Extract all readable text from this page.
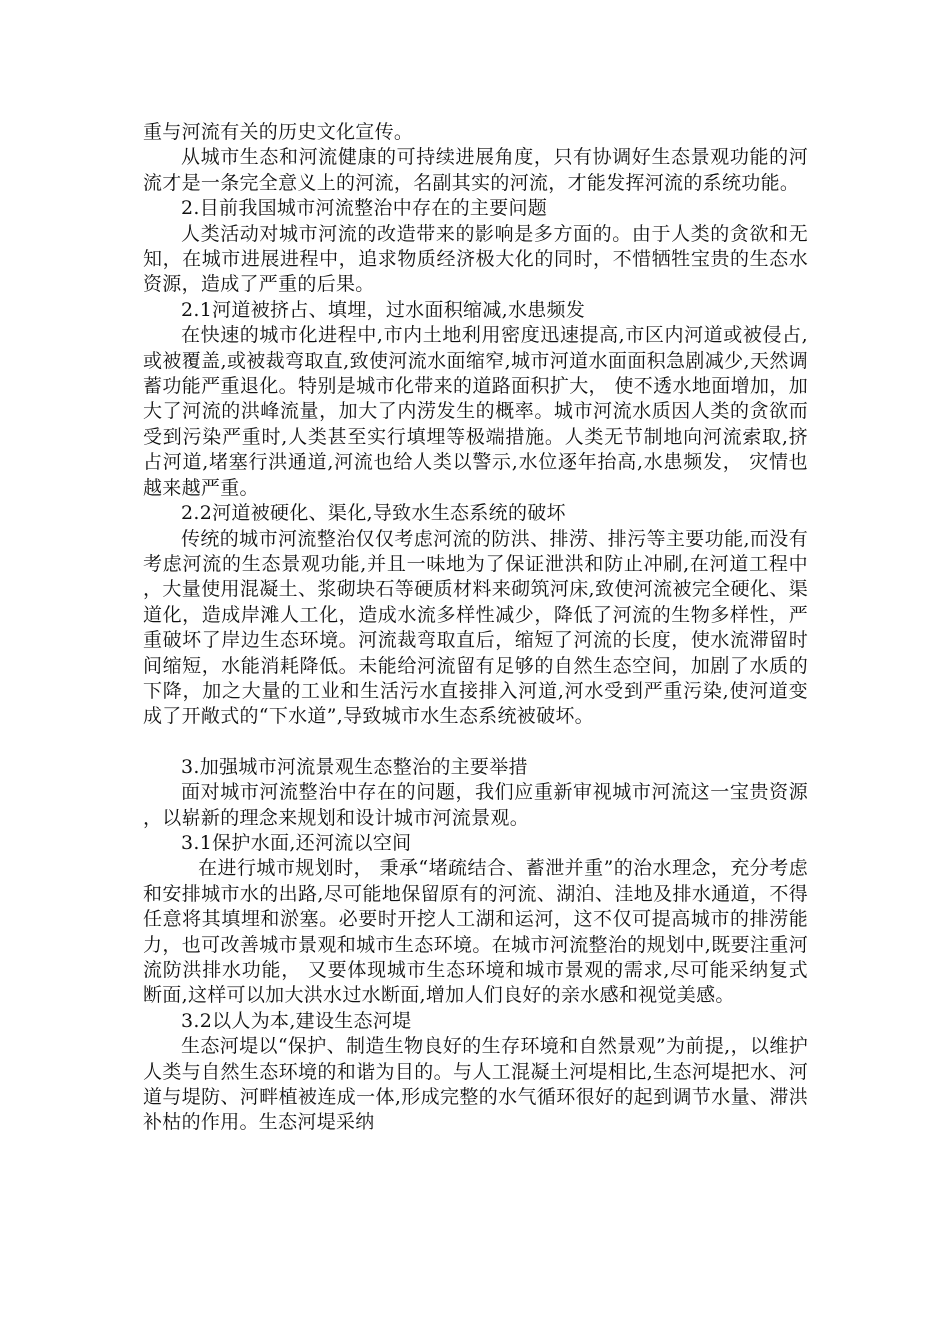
重与河流有关的历史文化宣传。

从城市生态和河流健康的可持续进展角度，只有协调好生态景观功能的河流才是一条完全意义上的河流，名副其实的河流，才能发挥河流的系统功能。

2.目前我国城市河流整治中存在的主要问题

人类活动对城市河流的改造带来的影响是多方面的。由于人类的贪欲和无知，在城市进展进程中，追求物质经济极大化的同时，不惜牺牲宝贵的生态水资源，造成了严重的后果。

2.1河道被挤占、填埋，过水面积缩减,水患频发

在快速的城市化进程中,市内土地利用密度迅速提高,市区内河道或被侵占,或被覆盖,或被裁弯取直,致使河流水面缩窄,城市河道水面面积急剧减少,天然调蓄功能严重退化。特别是城市化带来的道路面积扩大， 使不透水地面增加，加大了河流的洪峰流量，加大了内涝发生的概率。城市河流水质因人类的贪欲而受到污染严重时,人类甚至实行填埋等极端措施。人类无节制地向河流索取,挤占河道,堵塞行洪通道,河流也给人类以警示,水位逐年抬高,水患频发， 灾情也越来越严重。

2.2河道被硬化、渠化,导致水生态系统的破坏

传统的城市河流整治仅仅考虑河流的防洪、排涝、排污等主要功能,而没有考虑河流的生态景观功能,并且一味地为了保证泄洪和防止冲刷,在河道工程中，大量使用混凝土、浆砌块石等硬质材料来砌筑河床,致使河流被完全硬化、渠道化，造成岸滩人工化，造成水流多样性减少，降低了河流的生物多样性，严重破坏了岸边生态环境。河流裁弯取直后，缩短了河流的长度，使水流滞留时间缩短，水能消耗降低。未能给河流留有足够的自然生态空间，加剧了水质的下降，加之大量的工业和生活污水直接排入河道,河水受到严重污染,使河道变成了开敞式的“下水道”,导致城市水生态系统被破坏。

3.加强城市河流景观生态整治的主要举措

面对城市河流整治中存在的问题，我们应重新审视城市河流这一宝贵资源，以崭新的理念来规划和设计城市河流景观。

3.1保护水面,还河流以空间

在进行城市规划时， 秉承“堵疏结合、蓄泄并重”的治水理念，充分考虑和安排城市水的出路,尽可能地保留原有的河流、湖泊、洼地及排水通道，不得任意将其填埋和淤塞。必要时开挖人工湖和运河，这不仅可提高城市的排涝能力，也可改善城市景观和城市生态环境。在城市河流整治的规划中,既要注重河流防洪排水功能， 又要体现城市生态环境和城市景观的需求,尽可能采纳复式断面,这样可以加大洪水过水断面,增加人们良好的亲水感和视觉美感。

3.2以人为本,建设生态河堤

生态河堤以“保护、制造生物良好的生存环境和自然景观”为前提,，以维护人类与自然生态环境的和谐为目的。与人工混凝土河堤相比,生态河堤把水、河道与堤防、河畔植被连成一体,形成完整的水气循环很好的起到调节水量、滞洪补枯的作用。生态河堤采纳
